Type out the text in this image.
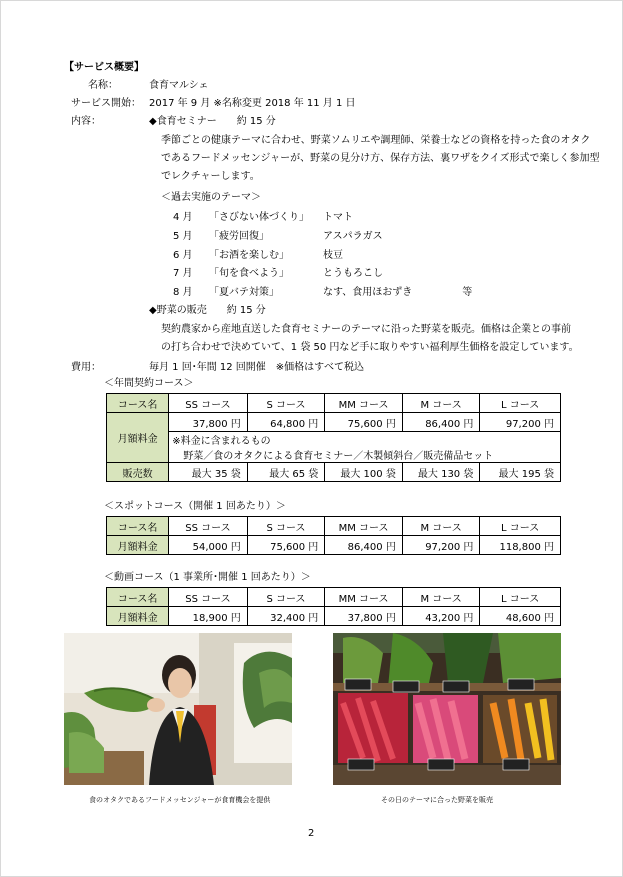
【サービス概要】
名称：	食育マルシェ
サービス開始： 2017 年 9 月 ※名称変更 2018 年 11 月 1 日
内容：	◆食育セミナー　　約 15 分
季節ごとの健康テーマに合わせ、野菜ソムリエや調理師、栄養士などの資格を持った食のオタク
であるフードメッセンジャーが、野菜の見分け方、保存方法、裏ワザをクイズ形式で楽しく参加型
でレクチャーします。
＜過去実施のテーマ＞
4 月 「さびない体づくり」 トマト
5 月 「疲労回復」	アスパラガス
6 月 「お酒を楽しむ」	枝豆
7 月 「旬を食べよう」	とうもろこし
8 月 「夏バテ対策」	なす、食用ほおずき　　　　　等
◆野菜の販売　　約 15 分
契約農家から産地直送した食育セミナーのテーマに沿った野菜を販売。価格は企業との事前
の打ち合わせで決めていて、1 袋 50 円など手に取りやすい福利厚生価格を設定しています。
費用：	毎月 1 回･年間 12 回開催　※価格はすべて税込
＜年間契約コース＞
コース名	SS コース	S コース	MM コース	M コース	L コース
月額料金	37,800 円	64,800 円	75,600 円	86,400 円	97,200 円
	※料金に含まれるもの				
	野菜／食のオタクによる食育セミナー／木製傾斜台／販売備品セット				
販売数	最大 35 袋	最大 65 袋	最大 100 袋	最大 130 袋	最大 195 袋
＜スポットコース（開催 1 回あたり）＞
コース名	SS コース	S コース	MM コース	M コース	L コース
月額料金	54,000 円	75,600 円	86,400 円	97,200 円	118,800 円
＜動画コース（1 事業所･開催 1 回あたり）＞
コース名	SS コース	S コース	MM コース	M コース	L コース
月額料金	18,900 円	32,400 円	37,800 円	43,200 円	48,600 円
食のオタクであるフードメッセンジャーが食育機会を提供	その日のテーマに合った野菜を販売
2
